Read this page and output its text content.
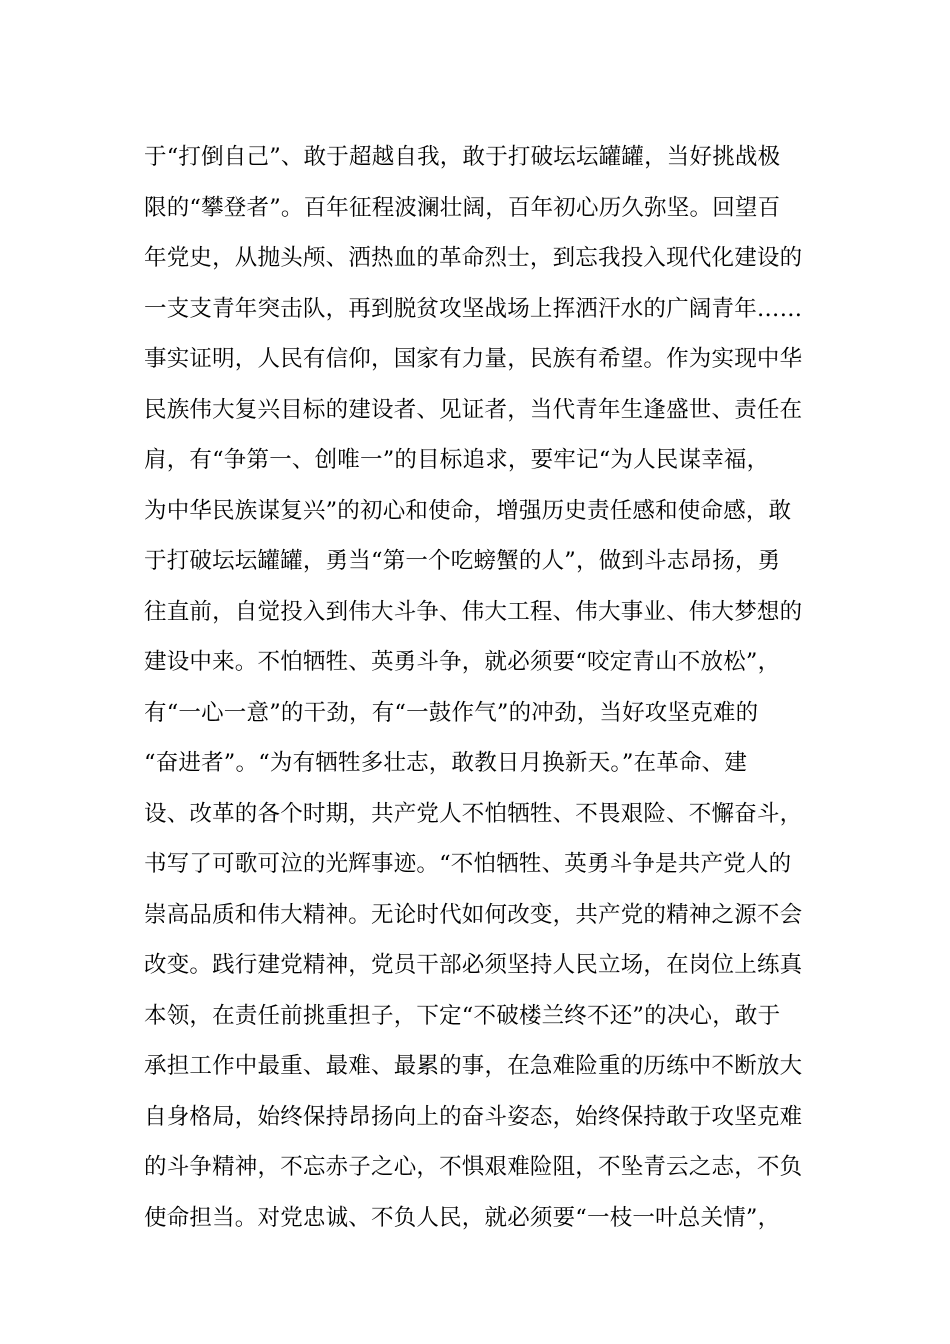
于“打倒自己”、敢于超越自我，敢于打破坛坛罐罐，当好挑战极
限的“攀登者”。百年征程波澜壮阔，百年初心历久弥坚。回望百
年党史，从抛头颅、洒热血的革命烈士，到忘我投入现代化建设的
一支支青年突击队，再到脱贫攻坚战场上挥洒汗水的广阔青年……
事实证明，人民有信仰，国家有力量，民族有希望。作为实现中华
民族伟大复兴目标的建设者、见证者，当代青年生逢盛世、责任在
肩，有“争第一、创唯一”的目标追求，要牢记“为人民谋幸福，
为中华民族谋复兴”的初心和使命，增强历史责任感和使命感，敢
于打破坛坛罐罐，勇当“第一个吃螃蟹的人”，做到斗志昂扬，勇
往直前，自觉投入到伟大斗争、伟大工程、伟大事业、伟大梦想的
建设中来。不怕牺牲、英勇斗争，就必须要“咬定青山不放松”，
有“一心一意”的干劲，有“一鼓作气”的冲劲，当好攻坚克难的
“奋进者”。“为有牺牲多壮志，敢教日月换新天。”在革命、建
设、改革的各个时期，共产党人不怕牺牲、不畏艰险、不懈奋斗，
书写了可歌可泣的光辉事迹。“不怕牺牲、英勇斗争是共产党人的
崇高品质和伟大精神。无论时代如何改变，共产党的精神之源不会
改变。践行建党精神，党员干部必须坚持人民立场，在岗位上练真
本领，在责任前挑重担子，下定“不破楼兰终不还”的决心，敢于
承担工作中最重、最难、最累的事，在急难险重的历练中不断放大
自身格局，始终保持昂扬向上的奋斗姿态，始终保持敢于攻坚克难
的斗争精神，不忘赤子之心，不惧艰难险阻，不坠青云之志，不负
使命担当。对党忠诚、不负人民，就必须要“一枝一叶总关情”，
